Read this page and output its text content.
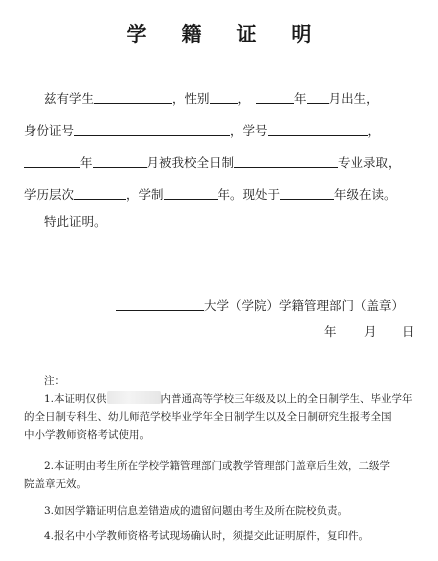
学 籍 证 明
兹有学生	，性别 ，	年 月出生，
身份证号	，学号	，
年	月被我校全日制	专业录取，
学历层次	，学制	年。现处于	年级在读。
特此证明。
大学（学院）学籍管理部门（盖章）
年 月 日
注：
1.本证明仅供	内普通高等学校三年级及以上的全日制学生、毕业学年
的全日制专科生、幼儿师范学校毕业学年全日制学生以及全日制研究生报考全国
中小学教师资格考试使用。
2.本证明由考生所在学校学籍管理部门或教学管理部门盖章后生效，二级学
院盖章无效。
3.如因学籍证明信息差错造成的遗留问题由考生及所在院校负责。
4.报名中小学教师资格考试现场确认时，须提交此证明原件，复印件。
